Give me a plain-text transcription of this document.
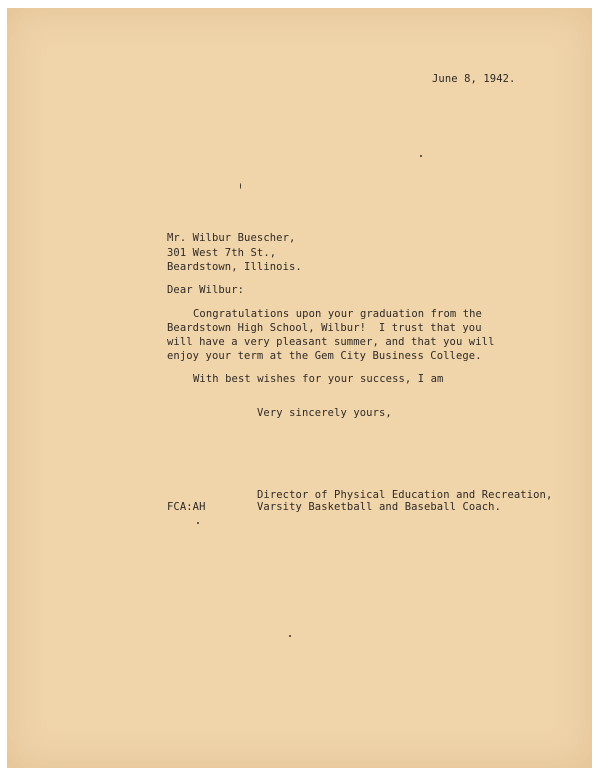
June 8, 1942.

Mr. Wilbur Buescher,

301 West 7th St.,

Beardstown, Illinois.

Dear Wilbur:

Congratulations upon your graduation from the

Beardstown High School, Wilbur!  I trust that you

will have a very pleasant summer, and that you will

enjoy your term at the Gem City Business College.

With best wishes for your success, I am

Very sincerely yours,

Director of Physical Education and Recreation,

Varsity Basketball and Baseball Coach.

FCA:AH
